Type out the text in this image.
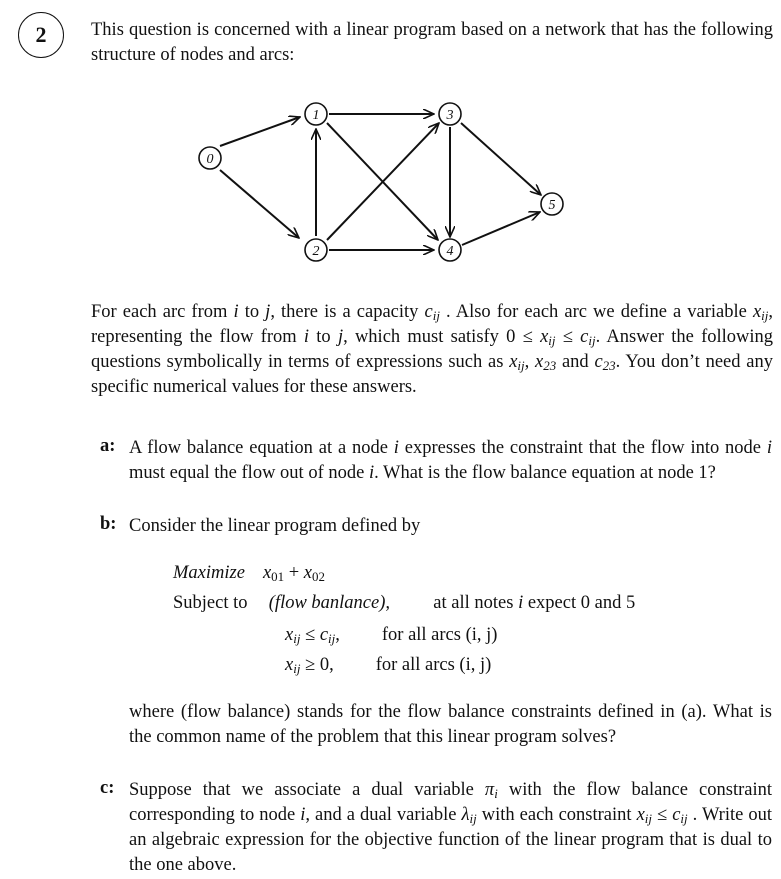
2 This question is concerned with a linear program based on a network that has the following structure of nodes and arcs:
0
1
2
3
4
5
For each arc from i to j, there is a capacity $c_{ij}$ . Also for each arc we define a variable $x_{ij}$, representing the flow from i to j, which must satisfy $0 \le x_{ij} \le c_{ij}$. Answer the following questions symbolically in terms of expressions such as $x_{ij}$, $x_{23}$ and $c_{23}$. You don’t need any specific numerical values for these answers.
a: A flow balance equation at a node i expresses the constraint that the flow into node i must equal the flow out of node i. What is the flow balance equation at node 1?
b: Consider the linear program defined by
Maximize $x_{01} + x_{02}$
Subject to (flow banlance), at all notes i expect 0 and 5
$x_{ij} \le c_{ij}$, for all arcs (i, j)
$x_{ij} \ge 0$, for all arcs (i, j)
where (flow balance) stands for the flow balance constraints defined in (a). What is the common name of the problem that this linear program solves?
c: Suppose that we associate a dual variable $\pi_i$ with the flow balance constraint corresponding to node i, and a dual variable $\lambda_{ij}$ with each constraint $x_{ij} \le c_{ij}$ . Write out an algebraic expression for the objective function of the linear program that is dual to the one above.
